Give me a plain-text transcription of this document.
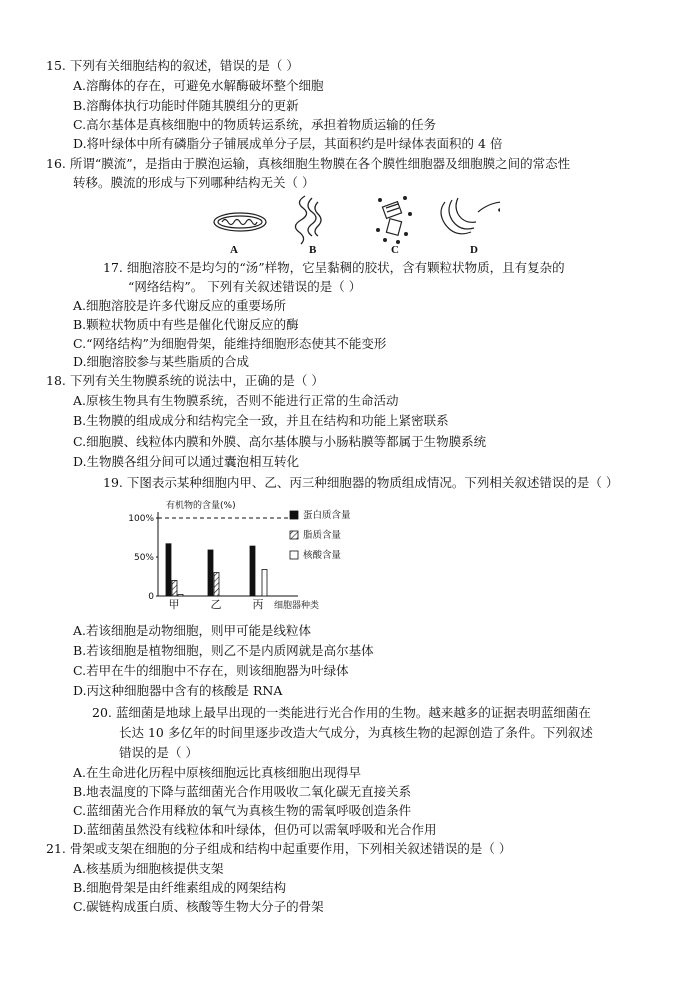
15. 下列有关细胞结构的叙述，错误的是（ ）
A.溶酶体的存在，可避免水解酶破坏整个细胞
B.溶酶体执行功能时伴随其膜组分的更新
C.高尔基体是真核细胞中的物质转运系统，承担着物质运输的任务
D.将叶绿体中所有磷脂分子铺展成单分子层，其面积约是叶绿体表面积的 4 倍
16. 所谓“膜流”，是指由于膜泡运输，真核细胞生物膜在各个膜性细胞器及细胞膜之间的常态性
转移。膜流的形成与下列哪种结构无关（ ）
A	B	C	D
17. 细胞溶胶不是均匀的“汤”样物，它呈黏稠的胶状，含有颗粒状物质，且有复杂的
“网络结构”。 下列有关叙述错误的是（ ）
A.细胞溶胶是许多代谢反应的重要场所
B.颗粒状物质中有些是催化代谢反应的酶
C.“网络结构”为细胞骨架，能维持细胞形态使其不能变形
D.细胞溶胶参与某些脂质的合成
18. 下列有关生物膜系统的说法中，正确的是（ ）
A.原核生物具有生物膜系统，否则不能进行正常的生命活动
B.生物膜的组成成分和结构完全一致，并且在结构和功能上紧密联系
C.细胞膜、线粒体内膜和外膜、高尔基体膜与小肠粘膜等都属于生物膜系统
D.生物膜各组分间可以通过囊泡相互转化
19. 下图表示某种细胞内甲、乙、丙三种细胞器的物质组成情况。下列相关叙述错误的是（ ）
有机物的含量(%)
0
50%
100%
甲	乙	丙 细胞器种类
蛋白质含量
脂质含量
核酸含量
A.若该细胞是动物细胞，则甲可能是线粒体
B.若该细胞是植物细胞，则乙不是内质网就是高尔基体
C.若甲在牛的细胞中不存在，则该细胞器为叶绿体
D.丙这种细胞器中含有的核酸是 RNA
20. 蓝细菌是地球上最早出现的一类能进行光合作用的生物。越来越多的证据表明蓝细菌在
长达 10 多亿年的时间里逐步改造大气成分，为真核生物的起源创造了条件。下列叙述
错误的是（ ）
A.在生命进化历程中原核细胞远比真核细胞出现得早
B.地表温度的下降与蓝细菌光合作用吸收二氧化碳无直接关系
C.蓝细菌光合作用释放的氧气为真核生物的需氧呼吸创造条件
D.蓝细菌虽然没有线粒体和叶绿体，但仍可以需氧呼吸和光合作用
21. 骨架或支架在细胞的分子组成和结构中起重要作用，下列相关叙述错误的是（ ）
A.核基质为细胞核提供支架
B.细胞骨架是由纤维素组成的网架结构
C.碳链构成蛋白质、核酸等生物大分子的骨架
